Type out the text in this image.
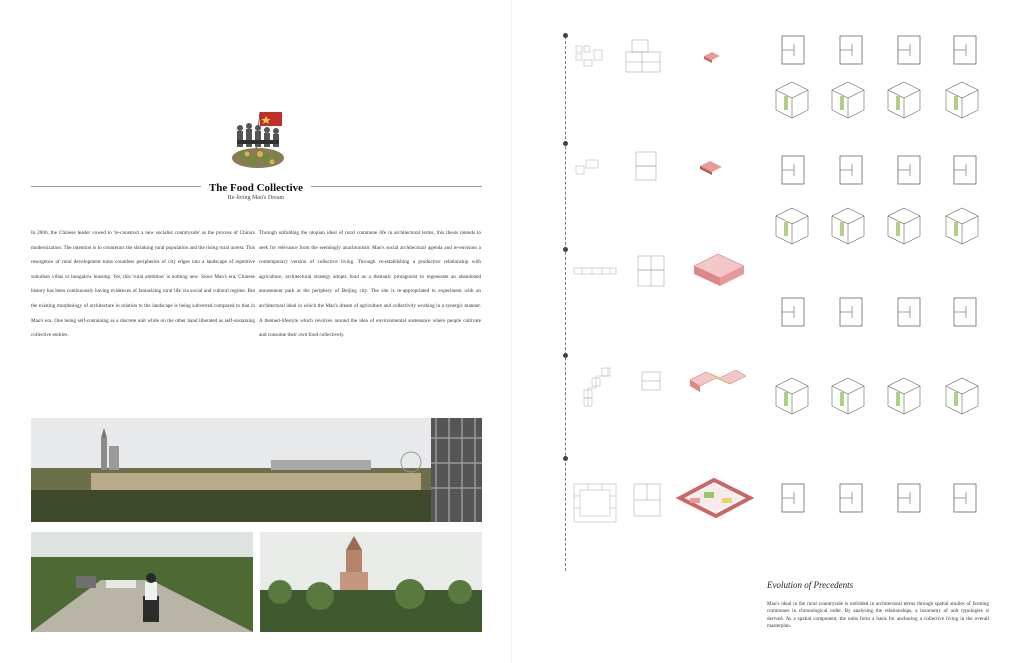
The Food Collective
Re-living Mao's Dream

In 2006, the Chinese leader vowed to 're-construct a new socialist countryside' as the process of China's modernization. The intention is to counteract the shrinking rural population and the rising rural unrest. This resurgence of rural development turns countless peripheries of city edges into a landscape of repetitive suburban villas or bungalow housing. Yet, this 'rural ambition' is nothing new. Since Mao's era, Chinese history has been continuously having evidences of fantasizing rural life via social and cultural regime. But the existing morphology of architecture in relation to the landscape is being subverted compared to that in Mao's era. One being self-containing as a discrete unit while on the other hand liberated as self-sustaining collective entities.

Through unfolding the utopian ideal of rural commune life in architectural terms, this thesis intends to seek for relevance from the seemingly anachronistic Mao's social architectural agenda and re-envision a contemporary version of collective living. Through re-establishing a productive relationship with agriculture, architectural strategy adopts food as a thematic protagonist to regenerate an abandoned amusement park at the periphery of Beijing city. The site is re-appropriated to experiment with an architectural ideal in which the Mao's dream of agriculture and collectivity working in a synergic manner. A themed-lifestyle which revolves around the idea of environmental sustenance where people cultivate and consume their own food collectively.

Evolution of Precedents

Mao's ideal in the rural countryside is unfolded in architectural terms through spatial studies of farming communes in chronological order. By analysing the relationships, a taxonomy of unit typologies is derived. As a spatial component, the units form a basis for anchoring a collective living in the overall masterplan.
